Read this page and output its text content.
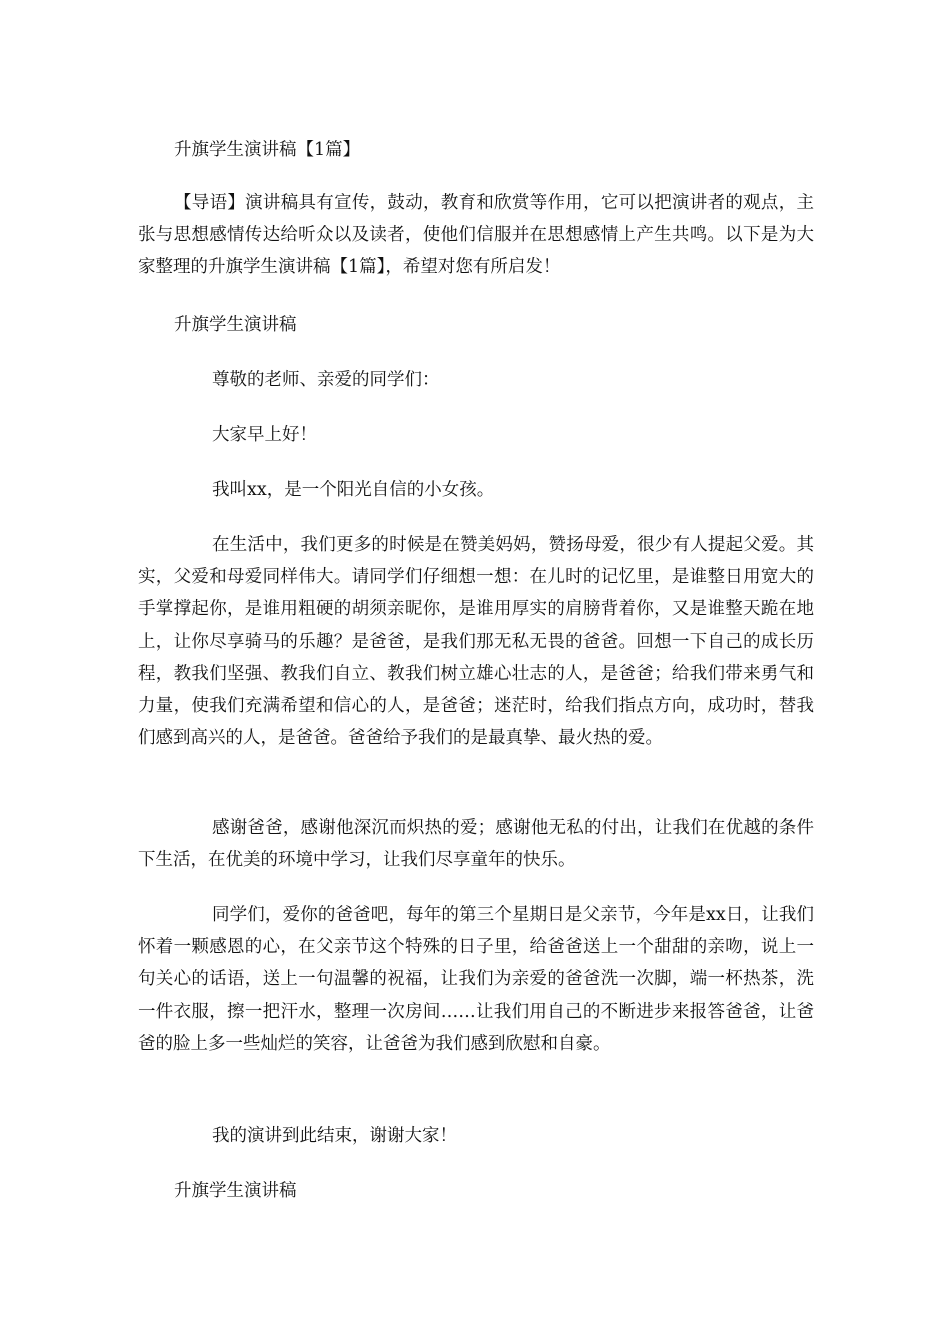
升旗学生演讲稿【1篇】

【导语】演讲稿具有宣传，鼓动，教育和欣赏等作用，它可以把演讲者的观点，主张与思想感情传达给听众以及读者，使他们信服并在思想感情上产生共鸣。以下是为大家整理的升旗学生演讲稿【1篇】，希望对您有所启发！

升旗学生演讲稿

尊敬的老师、亲爱的同学们：

大家早上好！

我叫xx，是一个阳光自信的小女孩。

在生活中，我们更多的时候是在赞美妈妈，赞扬母爱，很少有人提起父爱。其实，父爱和母爱同样伟大。请同学们仔细想一想：在儿时的记忆里，是谁整日用宽大的手掌撑起你，是谁用粗硬的胡须亲昵你，是谁用厚实的肩膀背着你，又是谁整天跪在地上，让你尽享骑马的乐趣？是爸爸，是我们那无私无畏的爸爸。回想一下自己的成长历程，教我们坚强、教我们自立、教我们树立雄心壮志的人，是爸爸；给我们带来勇气和力量，使我们充满希望和信心的人，是爸爸；迷茫时，给我们指点方向，成功时，替我们感到高兴的人，是爸爸。爸爸给予我们的是最真挚、最火热的爱。

感谢爸爸，感谢他深沉而炽热的爱；感谢他无私的付出，让我们在优越的条件下生活，在优美的环境中学习，让我们尽享童年的快乐。

同学们，爱你的爸爸吧，每年的第三个星期日是父亲节，今年是xx日，让我们怀着一颗感恩的心，在父亲节这个特殊的日子里，给爸爸送上一个甜甜的亲吻，说上一句关心的话语，送上一句温馨的祝福，让我们为亲爱的爸爸洗一次脚，端一杯热茶，洗一件衣服，擦一把汗水，整理一次房间……让我们用自己的不断进步来报答爸爸，让爸爸的脸上多一些灿烂的笑容，让爸爸为我们感到欣慰和自豪。

我的演讲到此结束，谢谢大家！

升旗学生演讲稿
